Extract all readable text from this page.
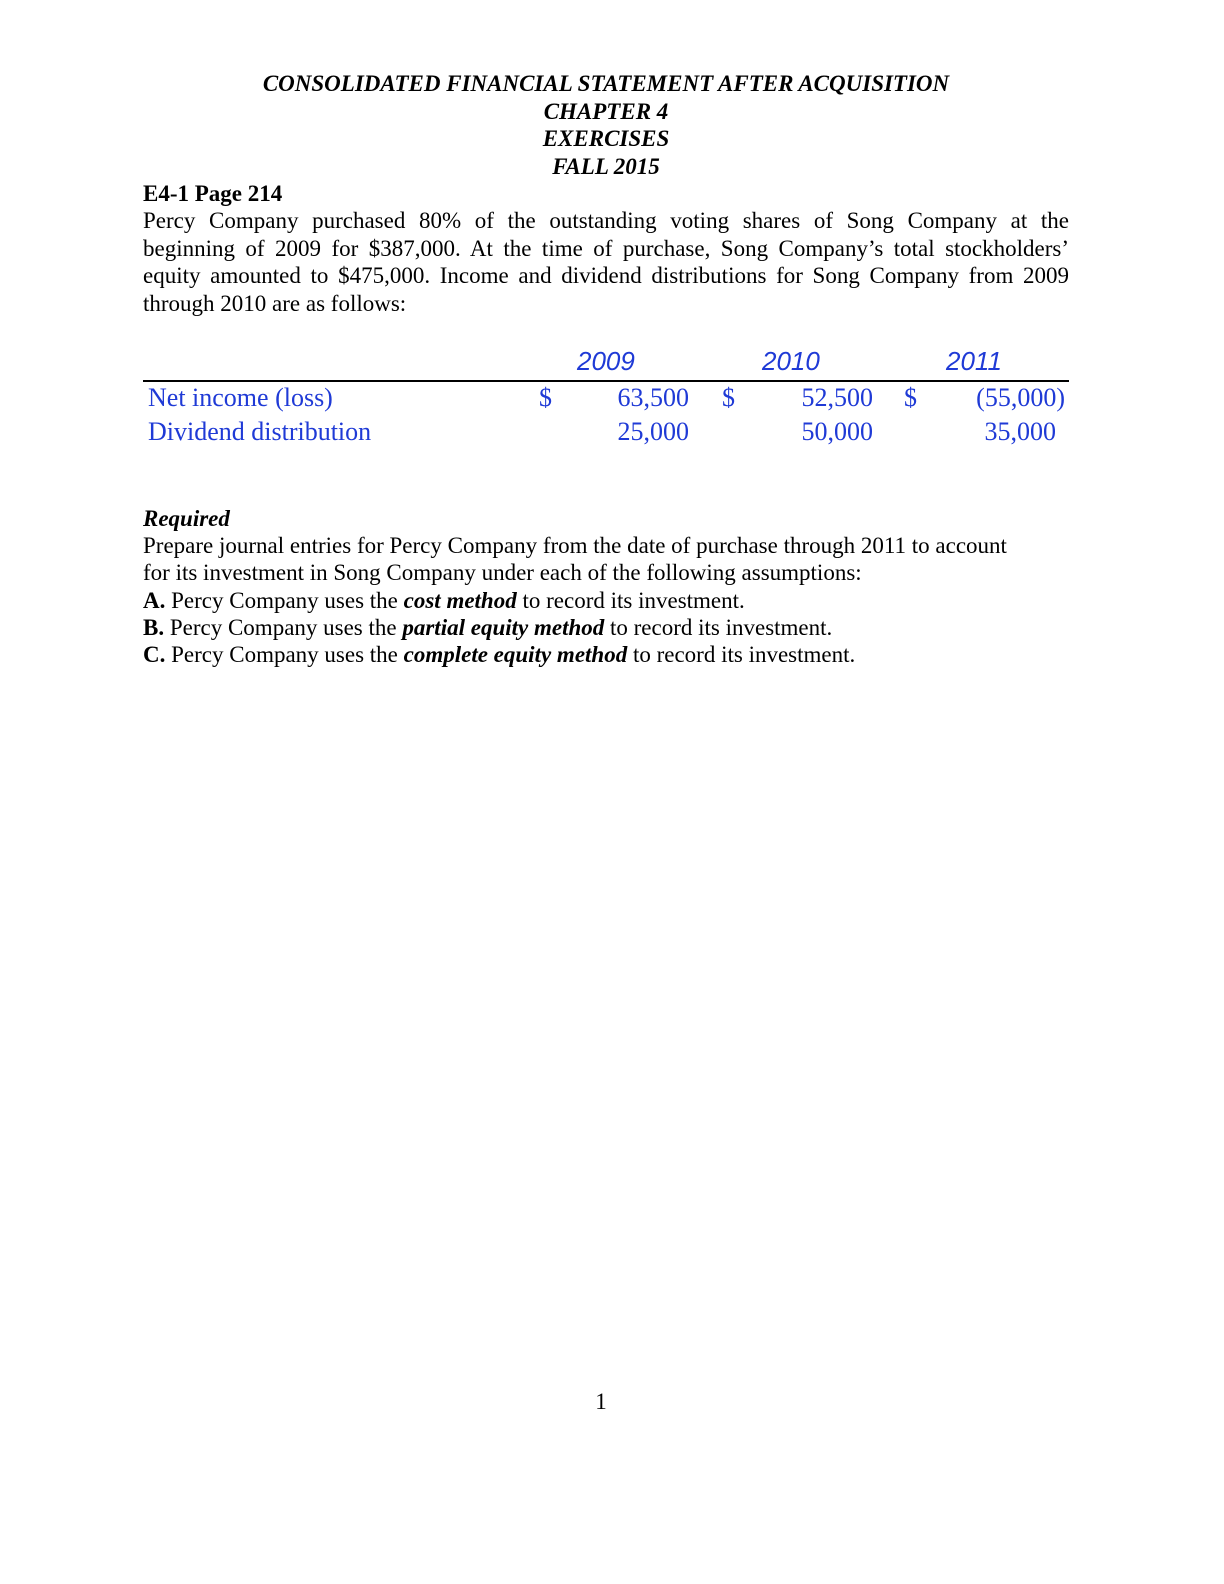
CONSOLIDATED FINANCIAL STATEMENT AFTER ACQUISITION
CHAPTER 4
EXERCISES
FALL 2015
E4-1 Page 214
Percy Company purchased 80% of the outstanding voting shares of Song Company at the
beginning of 2009 for $387,000. At the time of purchase, Song Company’s total stockholders’
equity amounted to $475,000. Income and dividend distributions for Song Company from 2009
through 2010 are as follows:
2009	2010	2011
Net income (loss)	$	63,500 $	52,500 $ (55,000)
Dividend distribution	25,000	50,000	35,000
Required
Prepare journal entries for Percy Company from the date of purchase through 2011 to account
for its investment in Song Company under each of the following assumptions:
A. Percy Company uses the cost method to record its investment.
B. Percy Company uses the partial equity method to record its investment.
C. Percy Company uses the complete equity method to record its investment.
1
